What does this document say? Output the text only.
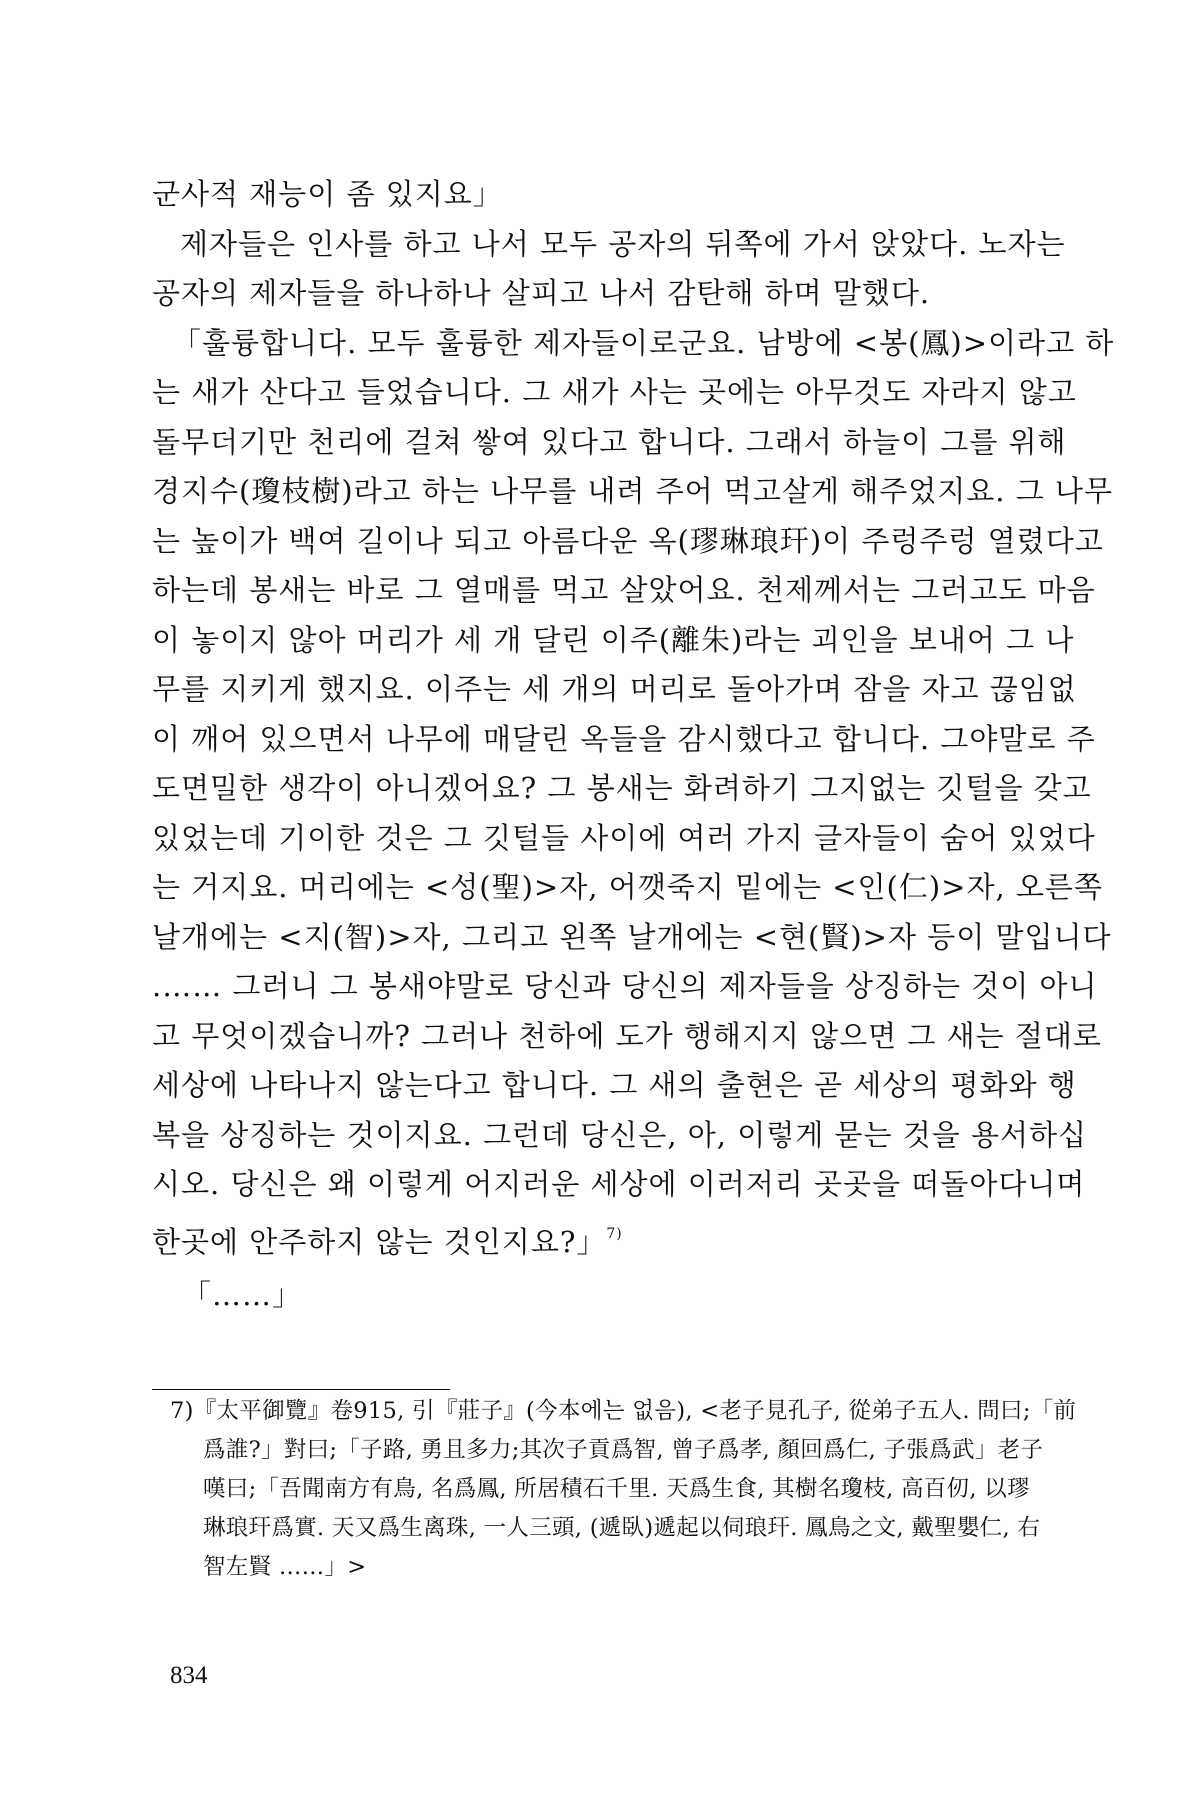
군사적 재능이 좀 있지요」
제자들은 인사를 하고 나서 모두 공자의 뒤쪽에 가서 앉았다. 노자는
공자의 제자들을 하나하나 살피고 나서 감탄해 하며 말했다.
「훌륭합니다. 모두 훌륭한 제자들이로군요. 남방에 <봉(鳳)>이라고 하
는 새가 산다고 들었습니다. 그 새가 사는 곳에는 아무것도 자라지 않고
돌무더기만 천리에 걸쳐 쌓여 있다고 합니다. 그래서 하늘이 그를 위해
경지수(瓊枝樹)라고 하는 나무를 내려 주어 먹고살게 해주었지요. 그 나무
는 높이가 백여 길이나 되고 아름다운 옥(璆琳琅玕)이 주렁주렁 열렸다고
하는데 봉새는 바로 그 열매를 먹고 살았어요. 천제께서는 그러고도 마음
이 놓이지 않아 머리가 세 개 달린 이주(離朱)라는 괴인을 보내어 그 나
무를 지키게 했지요. 이주는 세 개의 머리로 돌아가며 잠을 자고 끊임없
이 깨어 있으면서 나무에 매달린 옥들을 감시했다고 합니다. 그야말로 주
도면밀한 생각이 아니겠어요? 그 봉새는 화려하기 그지없는 깃털을 갖고
있었는데 기이한 것은 그 깃털들 사이에 여러 가지 글자들이 숨어 있었다
는 거지요. 머리에는 <성(聖)>자, 어깻죽지 밑에는 <인(仁)>자, 오른쪽
날개에는 <지(智)>자, 그리고 왼쪽 날개에는 <현(賢)>자 등이 말입니다
.…… 그러니 그 봉새야말로 당신과 당신의 제자들을 상징하는 것이 아니
고 무엇이겠습니까? 그러나 천하에 도가 행해지지 않으면 그 새는 절대로
세상에 나타나지 않는다고 합니다. 그 새의 출현은 곧 세상의 평화와 행
복을 상징하는 것이지요. 그런데 당신은, 아, 이렇게 묻는 것을 용서하십
시오. 당신은 왜 이렇게 어지러운 세상에 이러저리 곳곳을 떠돌아다니며
한곳에 안주하지 않는 것인지요?」$^{7)}$
「……」
7)『太平御覽』卷915, 引『莊子』(今本에는 없음), <老子見孔子, 從弟子五人. 問曰;「前
爲誰?」對曰;「子路, 勇且多力;其次子貢爲智, 曾子爲孝, 顏回爲仁, 子張爲武」老子
嘆曰;「吾聞南方有鳥, 名爲鳳, 所居積石千里. 天爲生食, 其樹名瓊枝, 高百仞, 以璆
琳琅玕爲實. 天又爲生离珠, 一人三頭, (遞臥)遞起以伺琅玕. 鳳鳥之文, 戴聖嬰仁, 右
智左賢 ……」>
834
